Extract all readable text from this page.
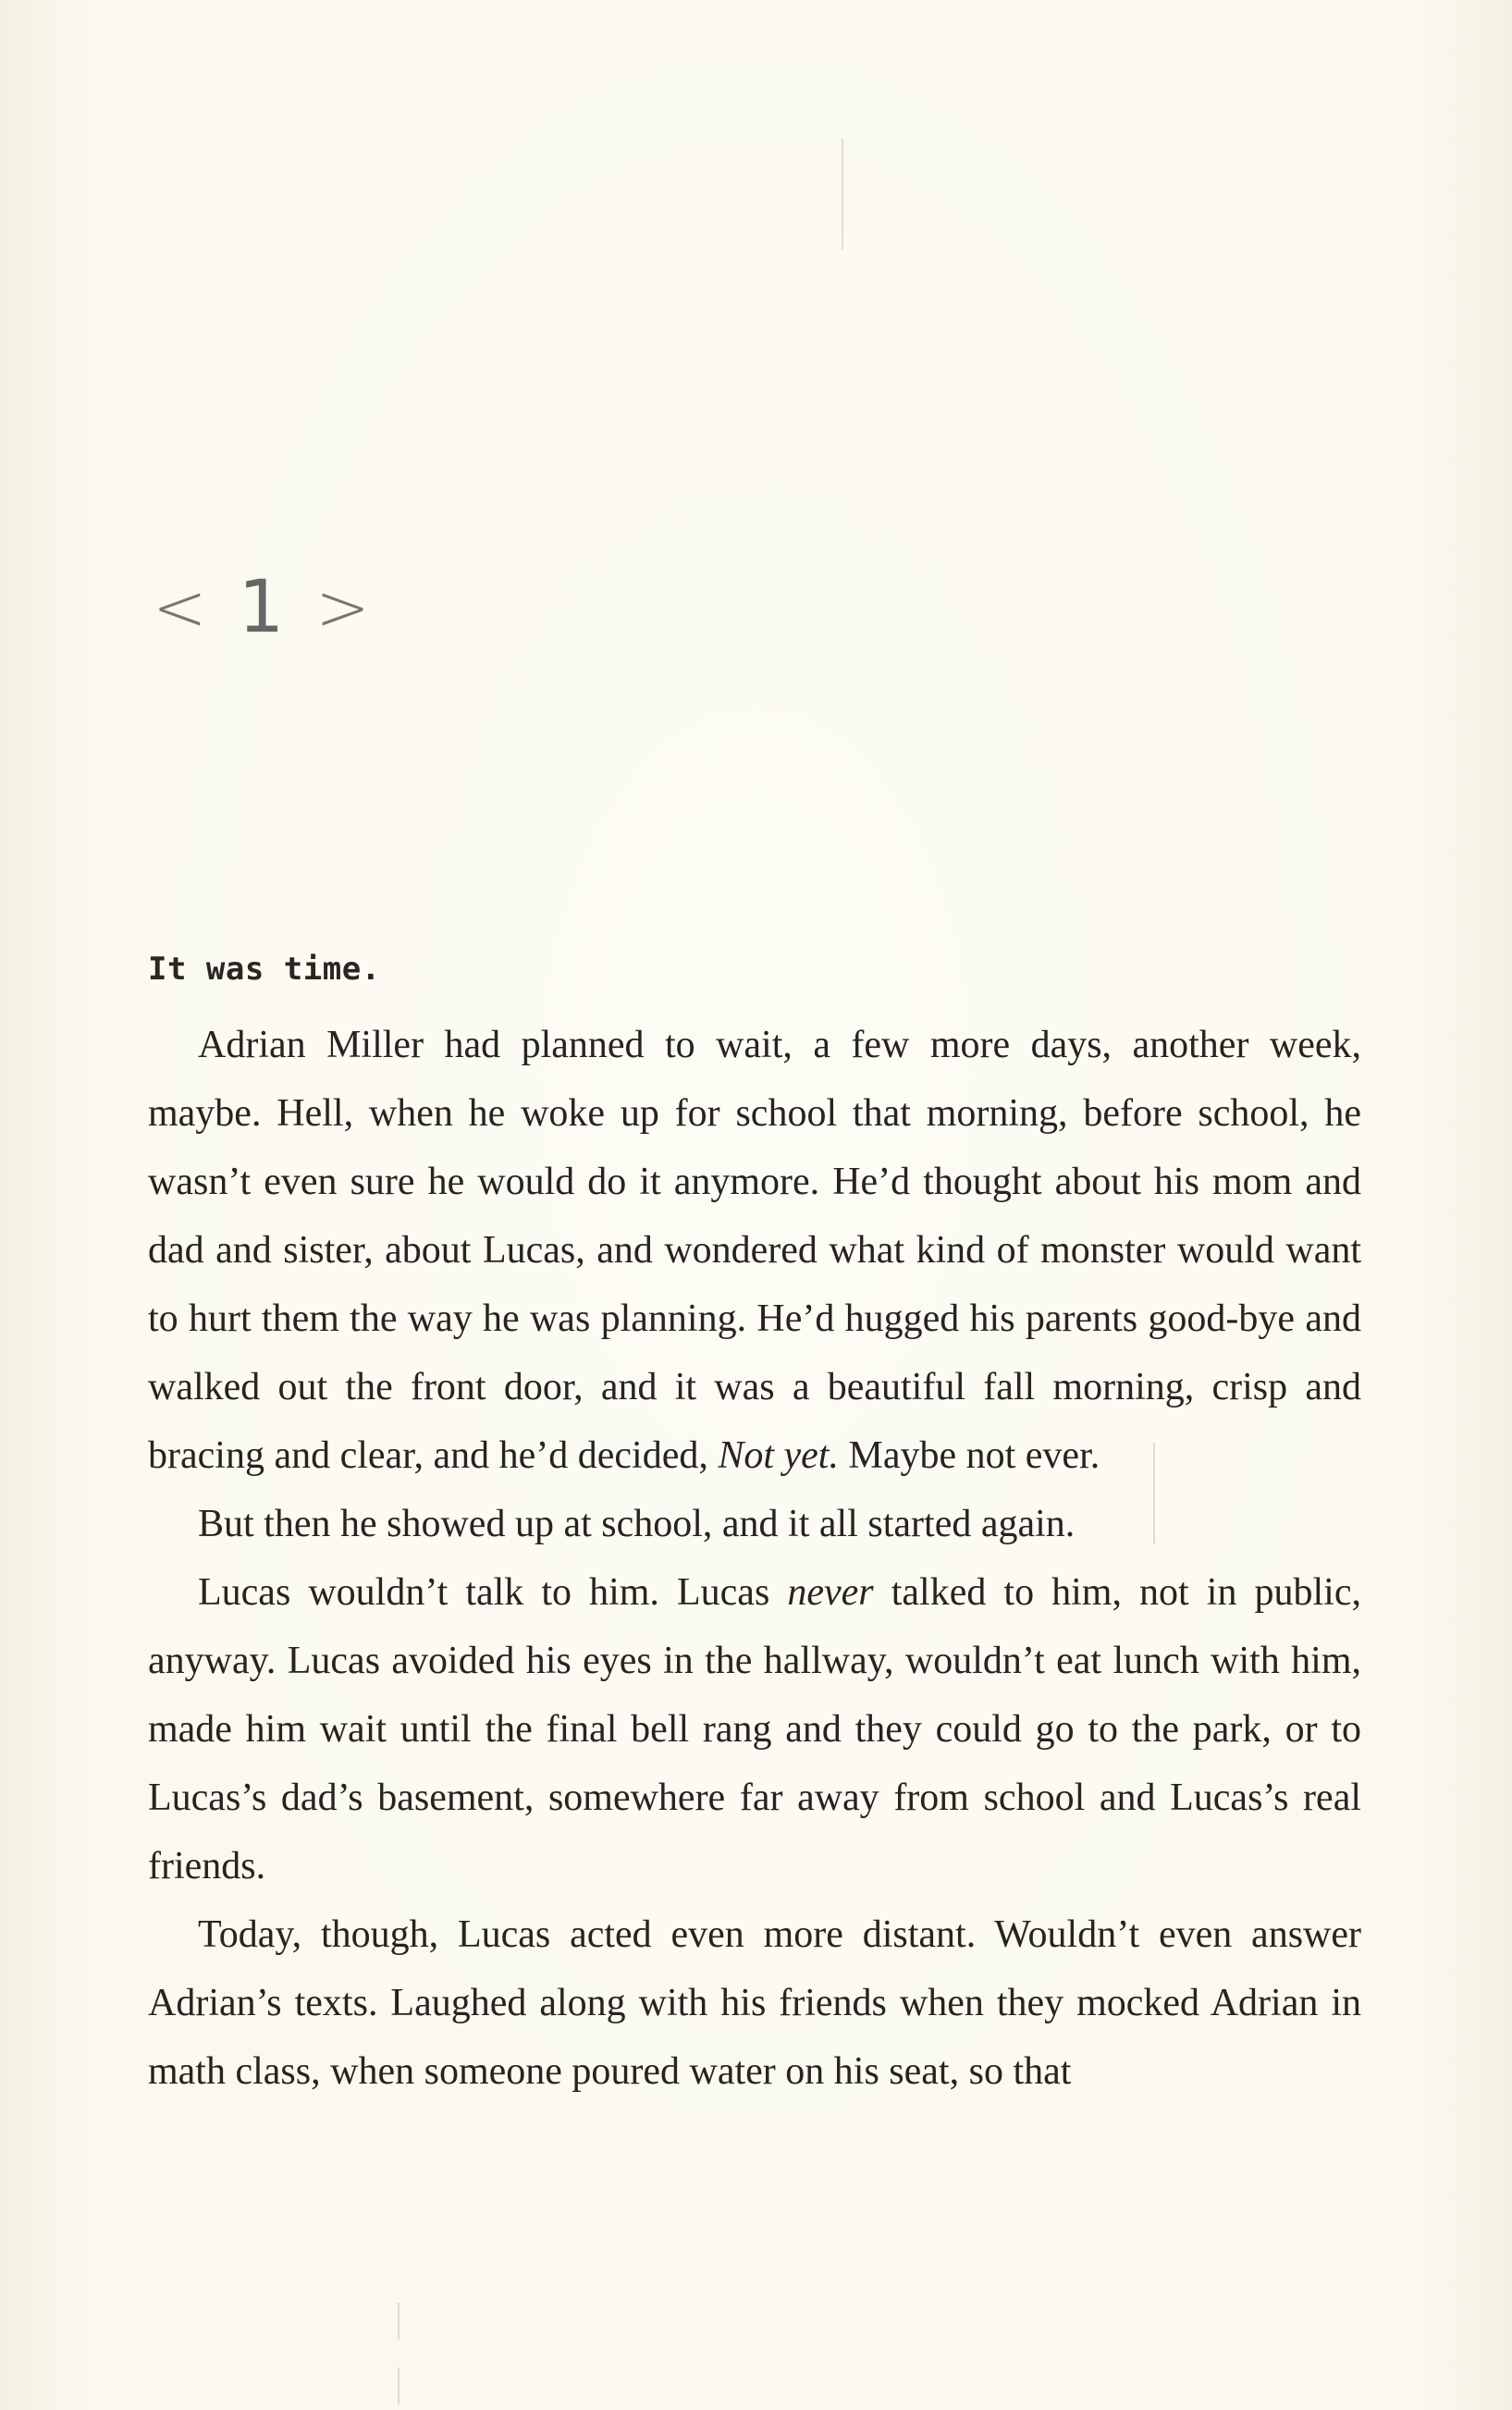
< 1 >

It was time.

Adrian Miller had planned to wait, a few more days, another week, maybe. Hell, when he woke up for school that morning, before school, he wasn’t even sure he would do it anymore. He’d thought about his mom and dad and sister, about Lucas, and wondered what kind of monster would want to hurt them the way he was planning. He’d hugged his parents good-bye and walked out the front door, and it was a beautiful fall morning, crisp and bracing and clear, and he’d decided, Not yet. Maybe not ever.

But then he showed up at school, and it all started again.

Lucas wouldn’t talk to him. Lucas never talked to him, not in public, anyway. Lucas avoided his eyes in the hallway, wouldn’t eat lunch with him, made him wait until the final bell rang and they could go to the park, or to Lucas’s dad’s basement, somewhere far away from school and Lucas’s real friends.

Today, though, Lucas acted even more distant. Wouldn’t even answer Adrian’s texts. Laughed along with his friends when they mocked Adrian in math class, when someone poured water on his seat, so that
